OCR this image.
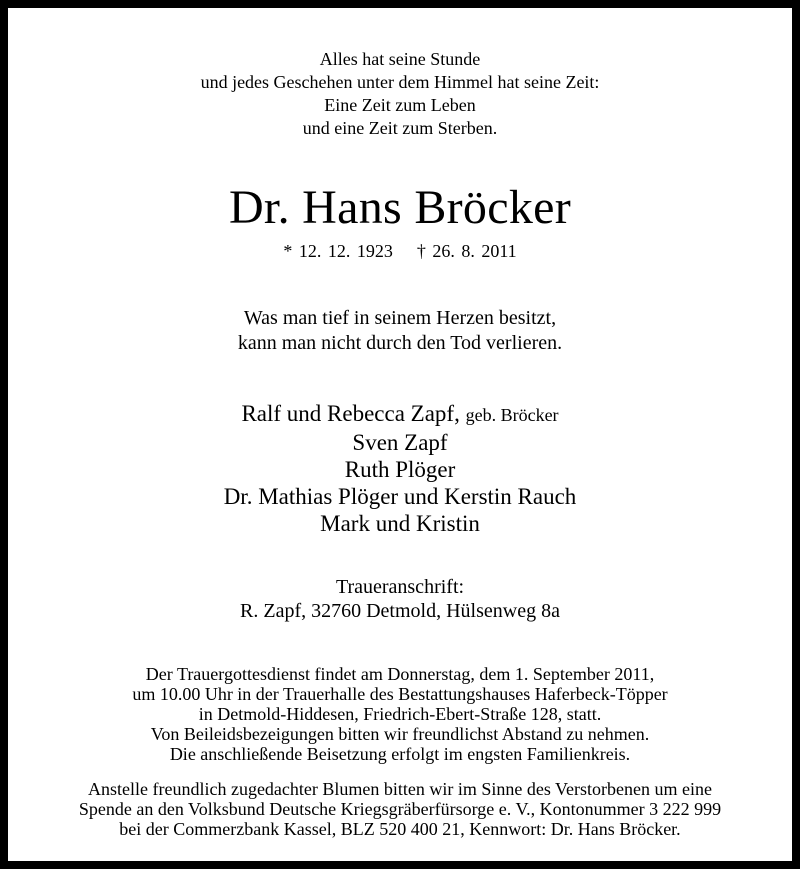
Alles hat seine Stunde
und jedes Geschehen unter dem Himmel hat seine Zeit:
Eine Zeit zum Leben
und eine Zeit zum Sterben.
Dr. Hans Bröcker
* 12. 12. 1923 † 26. 8. 2011
Was man tief in seinem Herzen besitzt,
kann man nicht durch den Tod verlieren.
Ralf und Rebecca Zapf, geb. Bröcker
Sven Zapf
Ruth Plöger
Dr. Mathias Plöger und Kerstin Rauch
Mark und Kristin
Traueranschrift:
R. Zapf, 32760 Detmold, Hülsenweg 8a
Der Trauergottesdienst findet am Donnerstag, dem 1. September 2011,
um 10.00 Uhr in der Trauerhalle des Bestattungshauses Haferbeck-Töpper
in Detmold-Hiddesen, Friedrich-Ebert-Straße 128, statt.
Von Beileidsbezeigungen bitten wir freundlichst Abstand zu nehmen.
Die anschließende Beisetzung erfolgt im engsten Familienkreis.
Anstelle freundlich zugedachter Blumen bitten wir im Sinne des Verstorbenen um eine
Spende an den Volksbund Deutsche Kriegsgräberfürsorge e. V., Kontonummer 3 222 999
bei der Commerzbank Kassel, BLZ 520 400 21, Kennwort: Dr. Hans Bröcker.
